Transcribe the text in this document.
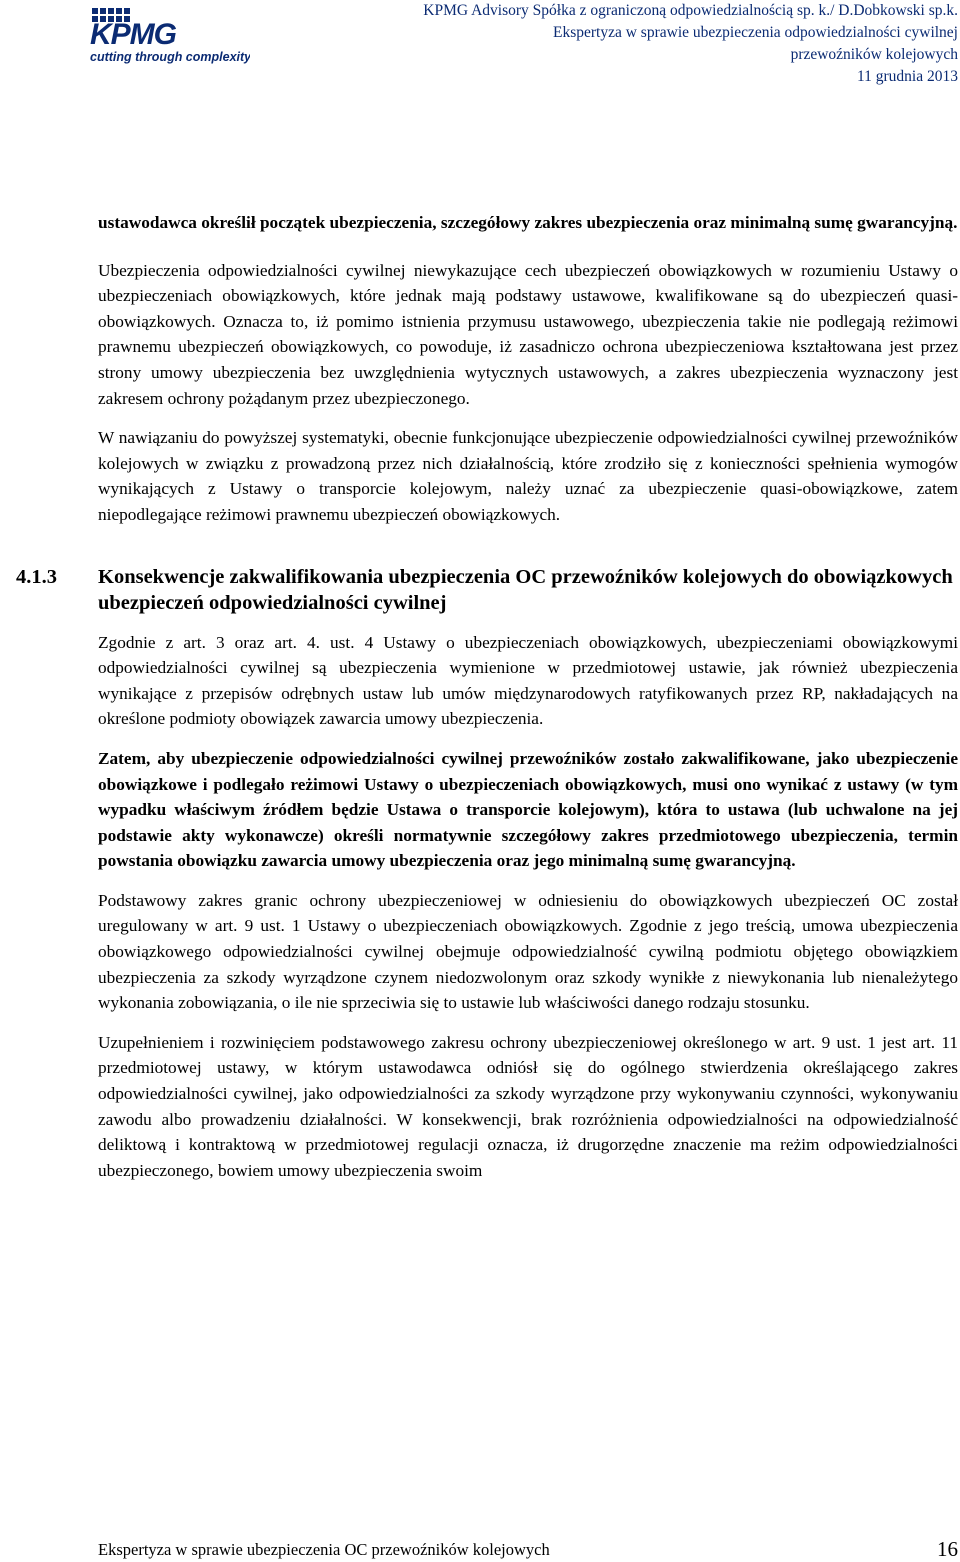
KPMG
cutting through complexity
KPMG Advisory Spółka z ograniczoną odpowiedzialnością sp. k./ D.Dobkowski sp.k.
Ekspertyza w sprawie ubezpieczenia odpowiedzialności cywilnej
przewoźników kolejowych
11 grudnia 2013

ustawodawca określił początek ubezpieczenia, szczegółowy zakres ubezpieczenia oraz minimalną sumę gwarancyjną.

Ubezpieczenia odpowiedzialności cywilnej niewykazujące cech ubezpieczeń obowiązkowych w rozumieniu Ustawy o ubezpieczeniach obowiązkowych, które jednak mają podstawy ustawowe, kwalifikowane są do ubezpieczeń quasi-obowiązkowych. Oznacza to, iż pomimo istnienia przymusu ustawowego, ubezpieczenia takie nie podlegają reżimowi prawnemu ubezpieczeń obowiązkowych, co powoduje, iż zasadniczo ochrona ubezpieczeniowa kształtowana jest przez strony umowy ubezpieczenia bez uwzględnienia wytycznych ustawowych, a zakres ubezpieczenia wyznaczony jest zakresem ochrony pożądanym przez ubezpieczonego.

W nawiązaniu do powyższej systematyki, obecnie funkcjonujące ubezpieczenie odpowiedzialności cywilnej przewoźników kolejowych w związku z prowadzoną przez nich działalnością, które zrodziło się z konieczności spełnienia wymogów wynikających z Ustawy o transporcie kolejowym, należy uznać za ubezpieczenie quasi-obowiązkowe, zatem niepodlegające reżimowi prawnemu ubezpieczeń obowiązkowych.

4.1.3 Konsekwencje zakwalifikowania ubezpieczenia OC przewoźników kolejowych do obowiązkowych ubezpieczeń odpowiedzialności cywilnej

Zgodnie z art. 3 oraz art. 4. ust. 4 Ustawy o ubezpieczeniach obowiązkowych, ubezpieczeniami obowiązkowymi odpowiedzialności cywilnej są ubezpieczenia wymienione w przedmiotowej ustawie, jak również ubezpieczenia wynikające z przepisów odrębnych ustaw lub umów międzynarodowych ratyfikowanych przez RP, nakładających na określone podmioty obowiązek zawarcia umowy ubezpieczenia.

Zatem, aby ubezpieczenie odpowiedzialności cywilnej przewoźników zostało zakwalifikowane, jako ubezpieczenie obowiązkowe i podlegało reżimowi Ustawy o ubezpieczeniach obowiązkowych, musi ono wynikać z ustawy (w tym wypadku właściwym źródłem będzie Ustawa o transporcie kolejowym), która to ustawa (lub uchwalone na jej podstawie akty wykonawcze) określi normatywnie szczegółowy zakres przedmiotowego ubezpieczenia, termin powstania obowiązku zawarcia umowy ubezpieczenia oraz jego minimalną sumę gwarancyjną.

Podstawowy zakres granic ochrony ubezpieczeniowej w odniesieniu do obowiązkowych ubezpieczeń OC został uregulowany w art. 9 ust. 1 Ustawy o ubezpieczeniach obowiązkowych. Zgodnie z jego treścią, umowa ubezpieczenia obowiązkowego odpowiedzialności cywilnej obejmuje odpowiedzialność cywilną podmiotu objętego obowiązkiem ubezpieczenia za szkody wyrządzone czynem niedozwolonym oraz szkody wynikłe z niewykonania lub nienależytego wykonania zobowiązania, o ile nie sprzeciwia się to ustawie lub właściwości danego rodzaju stosunku.

Uzupełnieniem i rozwinięciem podstawowego zakresu ochrony ubezpieczeniowej określonego w art. 9 ust. 1 jest art. 11 przedmiotowej ustawy, w którym ustawodawca odniósł się do ogólnego stwierdzenia określającego zakres odpowiedzialności cywilnej, jako odpowiedzialności za szkody wyrządzone przy wykonywaniu czynności, wykonywaniu zawodu albo prowadzeniu działalności. W konsekwencji, brak rozróżnienia odpowiedzialności na odpowiedzialność deliktową i kontraktową w przedmiotowej regulacji oznacza, iż drugorzędne znaczenie ma reżim odpowiedzialności ubezpieczonego, bowiem umowy ubezpieczenia swoim

Ekspertyza w sprawie ubezpieczenia OC przewoźników kolejowych	16
